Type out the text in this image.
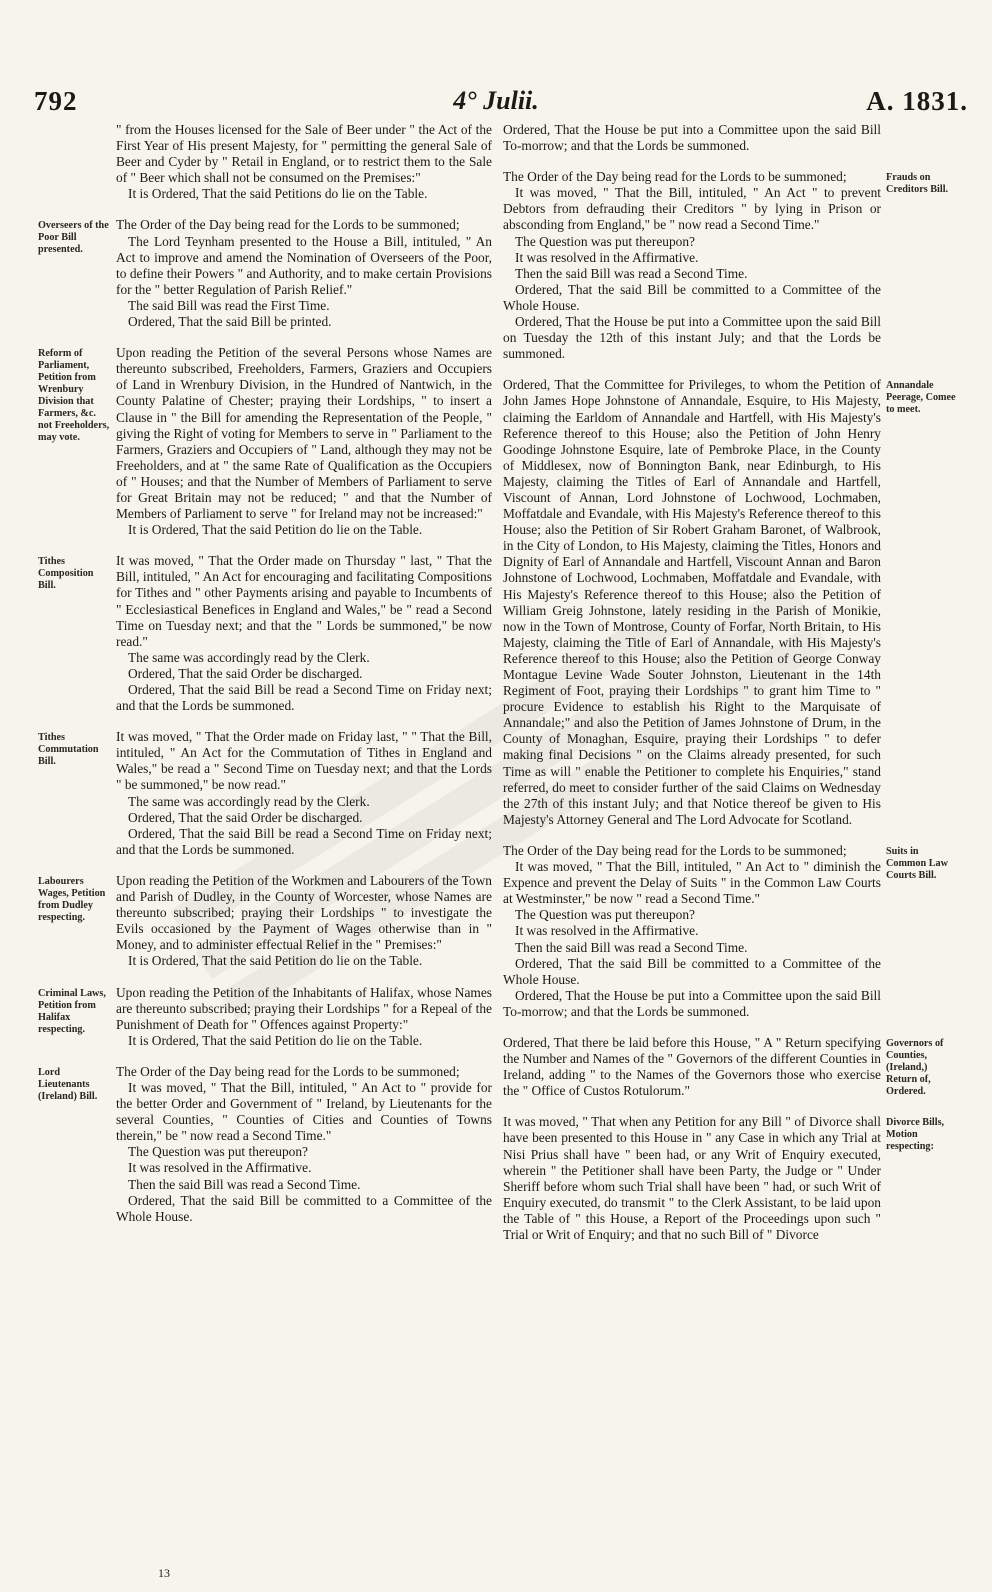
792	4° Julii.	A. 1831.

" from the Houses licensed for the Sale of Beer under " the Act of the First Year of His present Majesty, for " permitting the general Sale of Beer and Cyder by " Retail in England, or to restrict them to the Sale of " Beer which shall not be consumed on the Premises:"

It is Ordered, That the said Petitions do lie on the Table.

The Order of the Day being read for the Lords to be summoned;

The Lord Teynham presented to the House a Bill, intituled, " An Act to improve and amend the Nomination of Overseers of the Poor, to define their Powers " and Authority, and to make certain Provisions for the " better Regulation of Parish Relief."

The said Bill was read the First Time.

Ordered, That the said Bill be printed.

Upon reading the Petition of the several Persons whose Names are thereunto subscribed, Freeholders, Farmers, Graziers and Occupiers of Land in Wrenbury Division, in the Hundred of Nantwich, in the County Palatine of Chester; praying their Lordships, " to insert a Clause in " the Bill for amending the Representation of the People, " giving the Right of voting for Members to serve in " Parliament to the Farmers, Graziers and Occupiers of " Land, although they may not be Freeholders, and at " the same Rate of Qualification as the Occupiers of " Houses; and that the Number of Members of Parliament to serve for Great Britain may not be reduced; " and that the Number of Members of Parliament to serve " for Ireland may not be increased:"

It is Ordered, That the said Petition do lie on the Table.

It was moved, " That the Order made on Thursday " last, " That the Bill, intituled, " An Act for encouraging and facilitating Compositions for Tithes and " other Payments arising and payable to Incumbents of " Ecclesiastical Benefices in England and Wales," be " read a Second Time on Tuesday next; and that the " Lords be summoned," be now read."

The same was accordingly read by the Clerk.

Ordered, That the said Order be discharged.

Ordered, That the said Bill be read a Second Time on Friday next; and that the Lords be summoned.

It was moved, " That the Order made on Friday last, " " That the Bill, intituled, " An Act for the Commutation of Tithes in England and Wales," be read a " Second Time on Tuesday next; and that the Lords " be summoned," be now read."

The same was accordingly read by the Clerk.

Ordered, That the said Order be discharged.

Ordered, That the said Bill be read a Second Time on Friday next; and that the Lords be summoned.

Upon reading the Petition of the Workmen and Labourers of the Town and Parish of Dudley, in the County of Worcester, whose Names are thereunto subscribed; praying their Lordships " to investigate the Evils occasioned by the Payment of Wages otherwise than in " Money, and to administer effectual Relief in the " Premises:"

It is Ordered, That the said Petition do lie on the Table.

Upon reading the Petition of the Inhabitants of Halifax, whose Names are thereunto subscribed; praying their Lordships " for a Repeal of the Punishment of Death for " Offences against Property:"

It is Ordered, That the said Petition do lie on the Table.

The Order of the Day being read for the Lords to be summoned;

It was moved, " That the Bill, intituled, " An Act to " provide for the better Order and Government of " Ireland, by Lieutenants for the several Counties, " Counties of Cities and Counties of Towns therein," be " now read a Second Time."

The Question was put thereupon?

It was resolved in the Affirmative.

Then the said Bill was read a Second Time.

Ordered, That the said Bill be committed to a Committee of the Whole House.

Ordered, That the House be put into a Committee upon the said Bill To-morrow; and that the Lords be summoned.

The Order of the Day being read for the Lords to be summoned;

It was moved, " That the Bill, intituled, " An Act " to prevent Debtors from defrauding their Creditors " by lying in Prison or absconding from England," be " now read a Second Time."

The Question was put thereupon?

It was resolved in the Affirmative.

Then the said Bill was read a Second Time.

Ordered, That the said Bill be committed to a Committee of the Whole House.

Ordered, That the House be put into a Committee upon the said Bill on Tuesday the 12th of this instant July; and that the Lords be summoned.

Ordered, That the Committee for Privileges, to whom the Petition of John James Hope Johnstone of Annandale, Esquire, to His Majesty, claiming the Earldom of Annandale and Hartfell, with His Majesty's Reference thereof to this House; also the Petition of John Henry Goodinge Johnstone Esquire, late of Pembroke Place, in the County of Middlesex, now of Bonnington Bank, near Edinburgh, to His Majesty, claiming the Titles of Earl of Annandale and Hartfell, Viscount of Annan, Lord Johnstone of Lochwood, Lochmaben, Moffatdale and Evandale, with His Majesty's Reference thereof to this House; also the Petition of Sir Robert Graham Baronet, of Walbrook, in the City of London, to His Majesty, claiming the Titles, Honors and Dignity of Earl of Annandale and Hartfell, Viscount Annan and Baron Johnstone of Lochwood, Lochmaben, Moffatdale and Evandale, with His Majesty's Reference thereof to this House; also the Petition of William Greig Johnstone, lately residing in the Parish of Monikie, now in the Town of Montrose, County of Forfar, North Britain, to His Majesty, claiming the Title of Earl of Annandale, with His Majesty's Reference thereof to this House; also the Petition of George Conway Montague Levine Wade Souter Johnston, Lieutenant in the 14th Regiment of Foot, praying their Lordships " to grant him Time to " procure Evidence to establish his Right to the Marquisate of Annandale;" and also the Petition of James Johnstone of Drum, in the County of Monaghan, Esquire, praying their Lordships " to defer making final Decisions " on the Claims already presented, for such Time as will " enable the Petitioner to complete his Enquiries," stand referred, do meet to consider further of the said Claims on Wednesday the 27th of this instant July; and that Notice thereof be given to His Majesty's Attorney General and The Lord Advocate for Scotland.

The Order of the Day being read for the Lords to be summoned;

It was moved, " That the Bill, intituled, " An Act to " diminish the Expence and prevent the Delay of Suits " in the Common Law Courts at Westminster," be now " read a Second Time."

The Question was put thereupon?

It was resolved in the Affirmative.

Then the said Bill was read a Second Time.

Ordered, That the said Bill be committed to a Committee of the Whole House.

Ordered, That the House be put into a Committee upon the said Bill To-morrow; and that the Lords be summoned.

Ordered, That there be laid before this House, " A " Return specifying the Number and Names of the " Governors of the different Counties in Ireland, adding " to the Names of the Governors those who exercise the " Office of Custos Rotulorum."

It was moved, " That when any Petition for any Bill " of Divorce shall have been presented to this House in " any Case in which any Trial at Nisi Prius shall have " been had, or any Writ of Enquiry executed, wherein " the Petitioner shall have been Party, the Judge or " Under Sheriff before whom such Trial shall have been " had, or such Writ of Enquiry executed, do transmit " to the Clerk Assistant, to be laid upon the Table of " this House, a Report of the Proceedings upon such " Trial or Writ of Enquiry; and that no such Bill of " Divorce

Overseers of the Poor Bill presented.
Reform of Parliament, Petition from Wrenbury Division that Farmers, &c. not Freeholders, may vote.
Tithes Composition Bill.
Tithes Commutation Bill.
Labourers Wages, Petition from Dudley respecting.
Criminal Laws, Petition from Halifax respecting.
Lord Lieutenants (Ireland) Bill.
Frauds on Creditors Bill.
Annandale Peerage, Comee to meet.
Suits in Common Law Courts Bill.
Governors of Counties, (Ireland,) Return of, Ordered.
Divorce Bills, Motion respecting:
13
